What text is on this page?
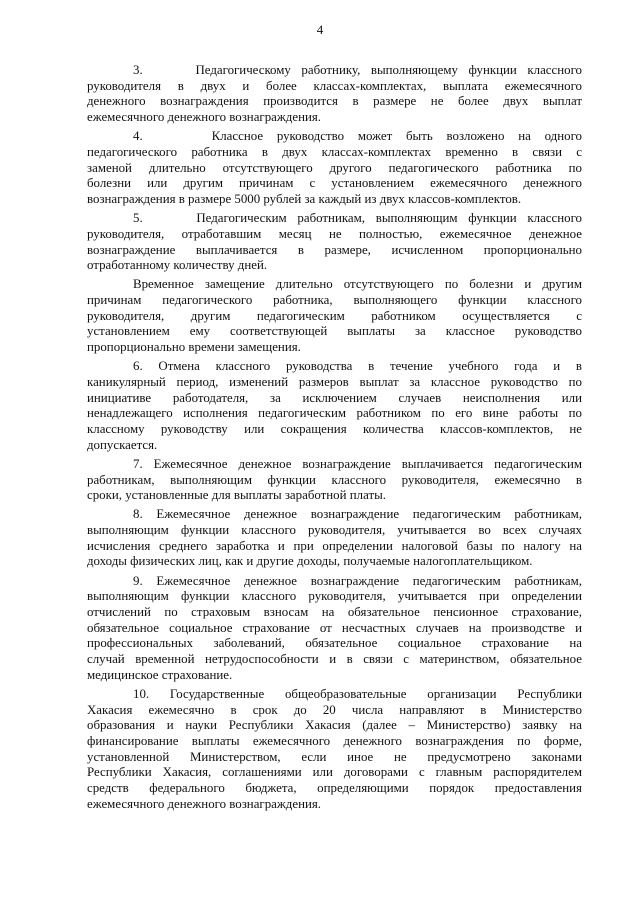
4

3.     Педагогическому работнику, выполняющему функции классного
руководителя в двух и более классах-комплектах, выплата ежемесячного
денежного вознаграждения производится в размере не более двух выплат
ежемесячного денежного вознаграждения.

4.     Классное руководство может быть возложено на одного
педагогического работника в двух классах-комплектах временно в связи с
заменой длительно отсутствующего другого педагогического работника по
болезни или другим причинам с установлением ежемесячного денежного
вознаграждения в размере 5000 рублей за каждый из двух классов-комплектов.

5.     Педагогическим работникам, выполняющим функции классного
руководителя, отработавшим месяц не полностью, ежемесячное денежное
вознаграждение выплачивается в размере, исчисленном пропорционально
отработанному количеству дней.

Временное замещение длительно отсутствующего по болезни и другим
причинам педагогического работника, выполняющего функции классного
руководителя, другим педагогическим работником осуществляется с
установлением ему соответствующей выплаты за классное руководство
пропорционально времени замещения.

6. Отмена классного руководства в течение учебного года и в
каникулярный период, изменений размеров выплат за классное руководство по
инициативе работодателя, за исключением случаев неисполнения или
ненадлежащего исполнения педагогическим работником по его вине работы по
классному руководству или сокращения количества классов-комплектов, не
допускается.

7. Ежемесячное денежное вознаграждение выплачивается педагогическим
работникам, выполняющим функции классного руководителя, ежемесячно в
сроки, установленные для выплаты заработной платы.

8. Ежемесячное денежное вознаграждение педагогическим работникам,
выполняющим функции классного руководителя, учитывается во всех случаях
исчисления среднего заработка и при определении налоговой базы по налогу на
доходы физических лиц, как и другие доходы, получаемые налогоплательщиком.

9. Ежемесячное денежное вознаграждение педагогическим работникам,
выполняющим функции классного руководителя, учитывается при определении
отчислений по страховым взносам на обязательное пенсионное страхование,
обязательное социальное страхование от несчастных случаев на производстве и
профессиональных заболеваний, обязательное социальное страхование на
случай временной нетрудоспособности и в связи с материнством, обязательное
медицинское страхование.

10. Государственные общеобразовательные организации Республики
Хакасия ежемесячно в срок до 20 числа направляют в Министерство
образования и науки Республики Хакасия (далее – Министерство) заявку на
финансирование выплаты ежемесячного денежного вознаграждения по форме,
установленной Министерством, если иное не предусмотрено законами
Республики Хакасия, соглашениями или договорами с главным распорядителем
средств федерального бюджета, определяющими порядок предоставления
ежемесячного денежного вознаграждения.
